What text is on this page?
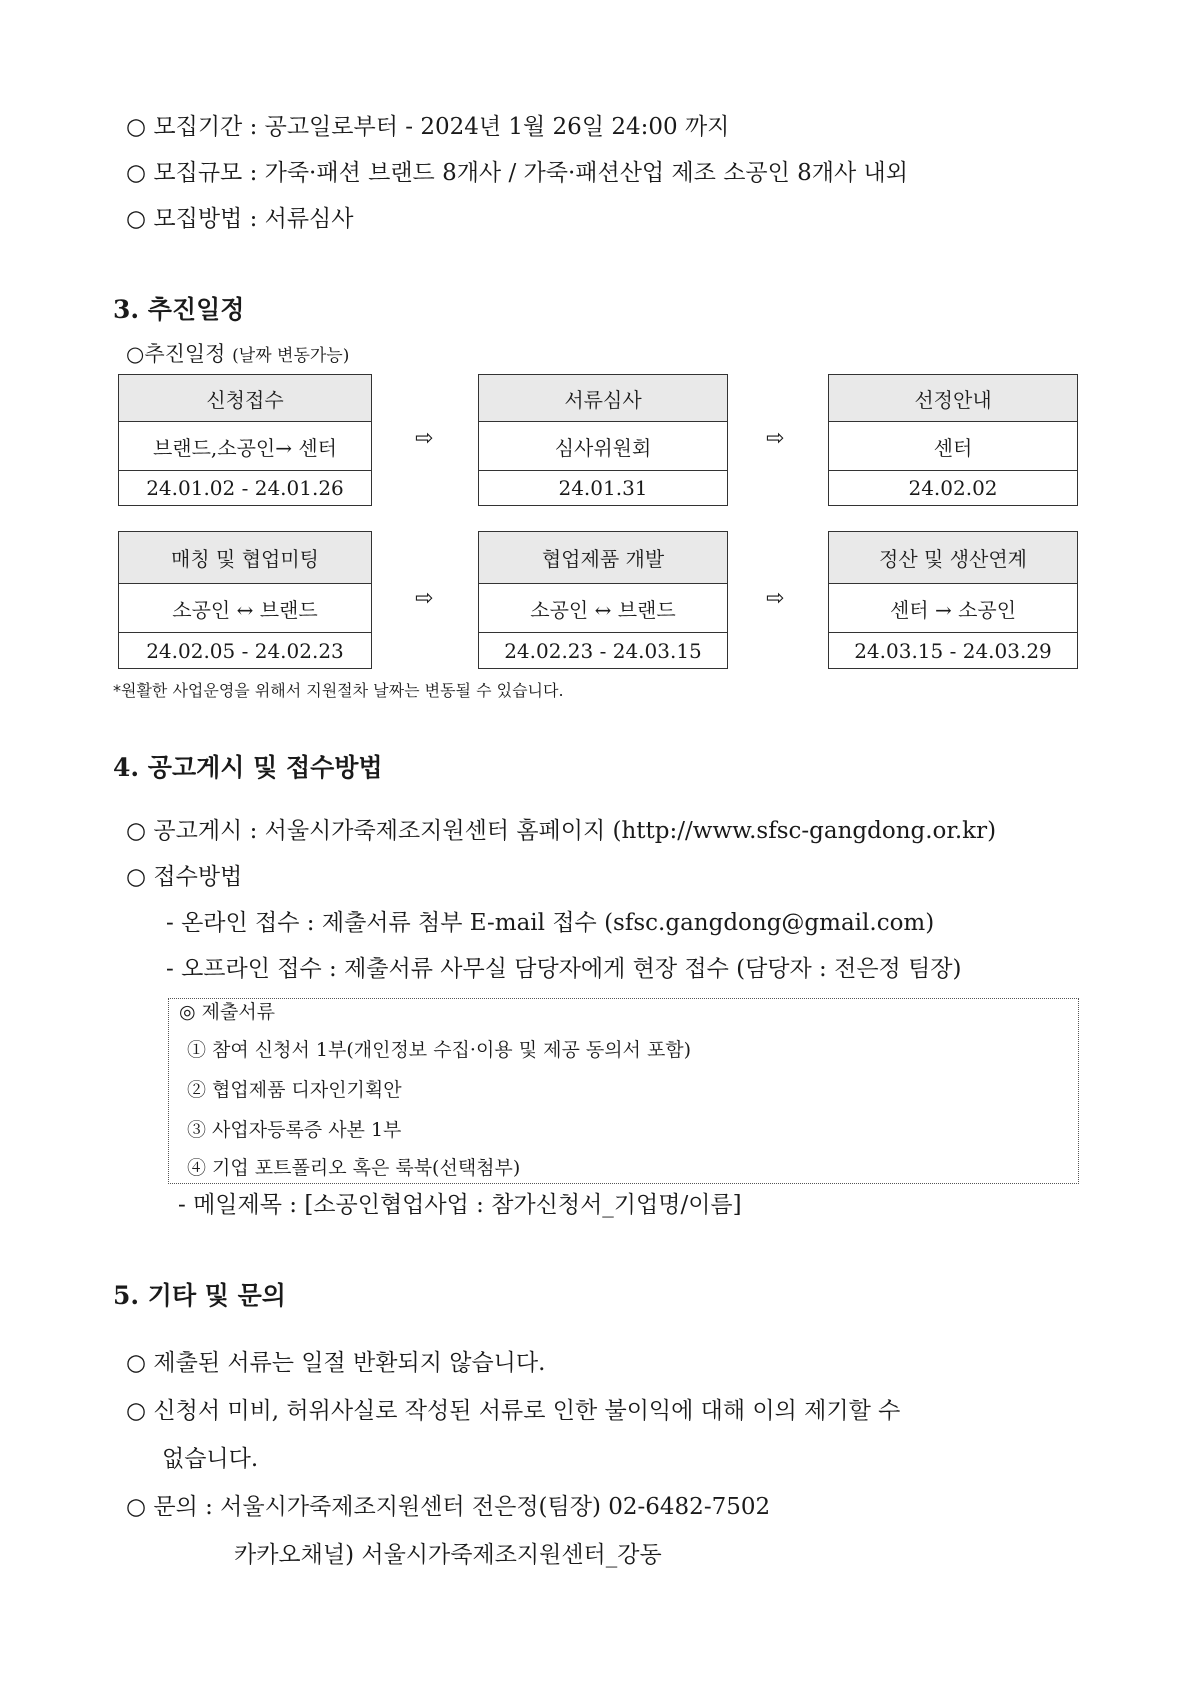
○ 모집기간 : 공고일로부터 - 2024년 1월 26일 24:00 까지
○ 모집규모 : 가죽·패션 브랜드 8개사 / 가죽·패션산업 제조 소공인 8개사 내외
○ 모집방법 : 서류심사
3. 추진일정
○추진일정 (날짜 변동가능)
신청접수
브랜드,소공인→ 센터
24.01.02 - 24.01.26
⇨
서류심사
심사위원회
24.01.31
⇨
선정안내
센터
24.02.02
매칭 및 협업미팅
소공인 ↔ 브랜드
24.02.05 - 24.02.23
⇨
협업제품 개발
소공인 ↔ 브랜드
24.02.23 - 24.03.15
⇨
정산 및 생산연계
센터 → 소공인
24.03.15 - 24.03.29
*원활한 사업운영을 위해서 지원절차 날짜는 변동될 수 있습니다.
4. 공고게시 및 접수방법
○ 공고게시 : 서울시가죽제조지원센터 홈페이지 (http://www.sfsc-gangdong.or.kr)
○ 접수방법
- 온라인 접수 : 제출서류 첨부 E-mail 접수 (sfsc.gangdong@gmail.com)
- 오프라인 접수 : 제출서류 사무실 담당자에게 현장 접수 (담당자 : 전은정 팀장)
◎ 제출서류
① 참여 신청서 1부(개인정보 수집·이용 및 제공 동의서 포함)
② 협업제품 디자인기획안
③ 사업자등록증 사본 1부
④ 기업 포트폴리오 혹은 룩북(선택첨부)
- 메일제목 : [소공인협업사업 : 참가신청서_기업명/이름]
5. 기타 및 문의
○ 제출된 서류는 일절 반환되지 않습니다.
○ 신청서 미비, 허위사실로 작성된 서류로 인한 불이익에 대해 이의 제기할 수
없습니다.
○ 문의 : 서울시가죽제조지원센터 전은정(팀장) 02-6482-7502
카카오채널) 서울시가죽제조지원센터_강동
